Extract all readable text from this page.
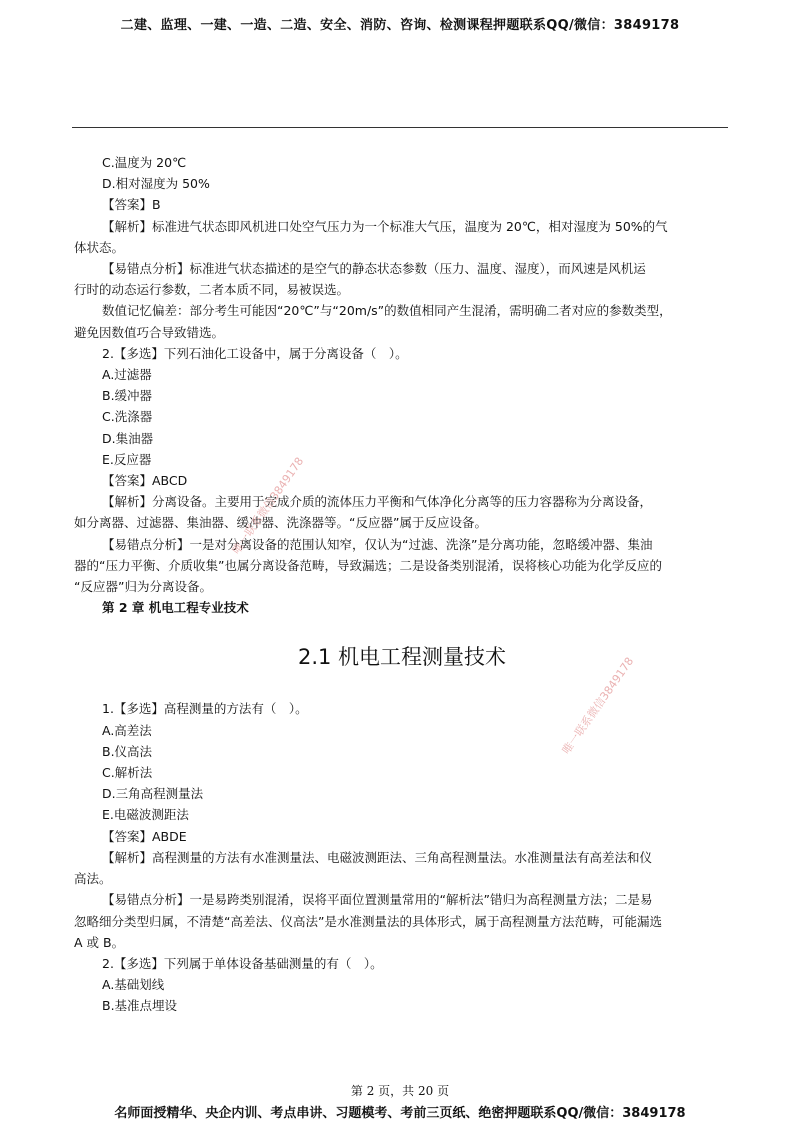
二建、监理、一建、一造、二造、安全、消防、咨询、检测课程押题联系QQ/微信：3849178
C.温度为 20℃
D.相对湿度为 50%
【答案】B
【解析】标准进气状态即风机进口处空气压力为一个标准大气压，温度为 20℃，相对湿度为 50%的气
体状态。
【易错点分析】标准进气状态描述的是空气的静态状态参数（压力、温度、湿度），而风速是风机运
行时的动态运行参数，二者本质不同，易被误选。
数值记忆偏差：部分考生可能因“20℃”与“20m/s”的数值相同产生混淆，需明确二者对应的参数类型，
避免因数值巧合导致错选。
2.【多选】下列石油化工设备中，属于分离设备（　）。
A.过滤器
B.缓冲器
C.洗涤器
D.集油器
E.反应器
【答案】ABCD
【解析】分离设备。主要用于完成介质的流体压力平衡和气体净化分离等的压力容器称为分离设备，
如分离器、过滤器、集油器、缓冲器、洗涤器等。“反应器”属于反应设备。
【易错点分析】一是对分离设备的范围认知窄，仅认为“过滤、洗涤”是分离功能，忽略缓冲器、集油
器的“压力平衡、介质收集”也属分离设备范畴，导致漏选；二是设备类别混淆，误将核心功能为化学反应的
“反应器”归为分离设备。
第 2 章 机电工程专业技术
2.1 机电工程测量技术
1.【多选】高程测量的方法有（　）。
A.高差法
B.仪高法
C.解析法
D.三角高程测量法
E.电磁波测距法
【答案】ABDE
【解析】高程测量的方法有水准测量法、电磁波测距法、三角高程测量法。水准测量法有高差法和仪
高法。
【易错点分析】一是易跨类别混淆，误将平面位置测量常用的“解析法”错归为高程测量方法；二是易
忽略细分类型归属，不清楚“高差法、仪高法”是水准测量法的具体形式，属于高程测量方法范畴，可能漏选
A 或 B。
2.【多选】下列属于单体设备基础测量的有（　）。
A.基础划线
B.基准点埋设
唯一联系微信3849178
唯一联系微信3849178
第 2 页，共 20 页
名师面授精华、央企内训、考点串讲、习题模考、考前三页纸、绝密押题联系QQ/微信：3849178
